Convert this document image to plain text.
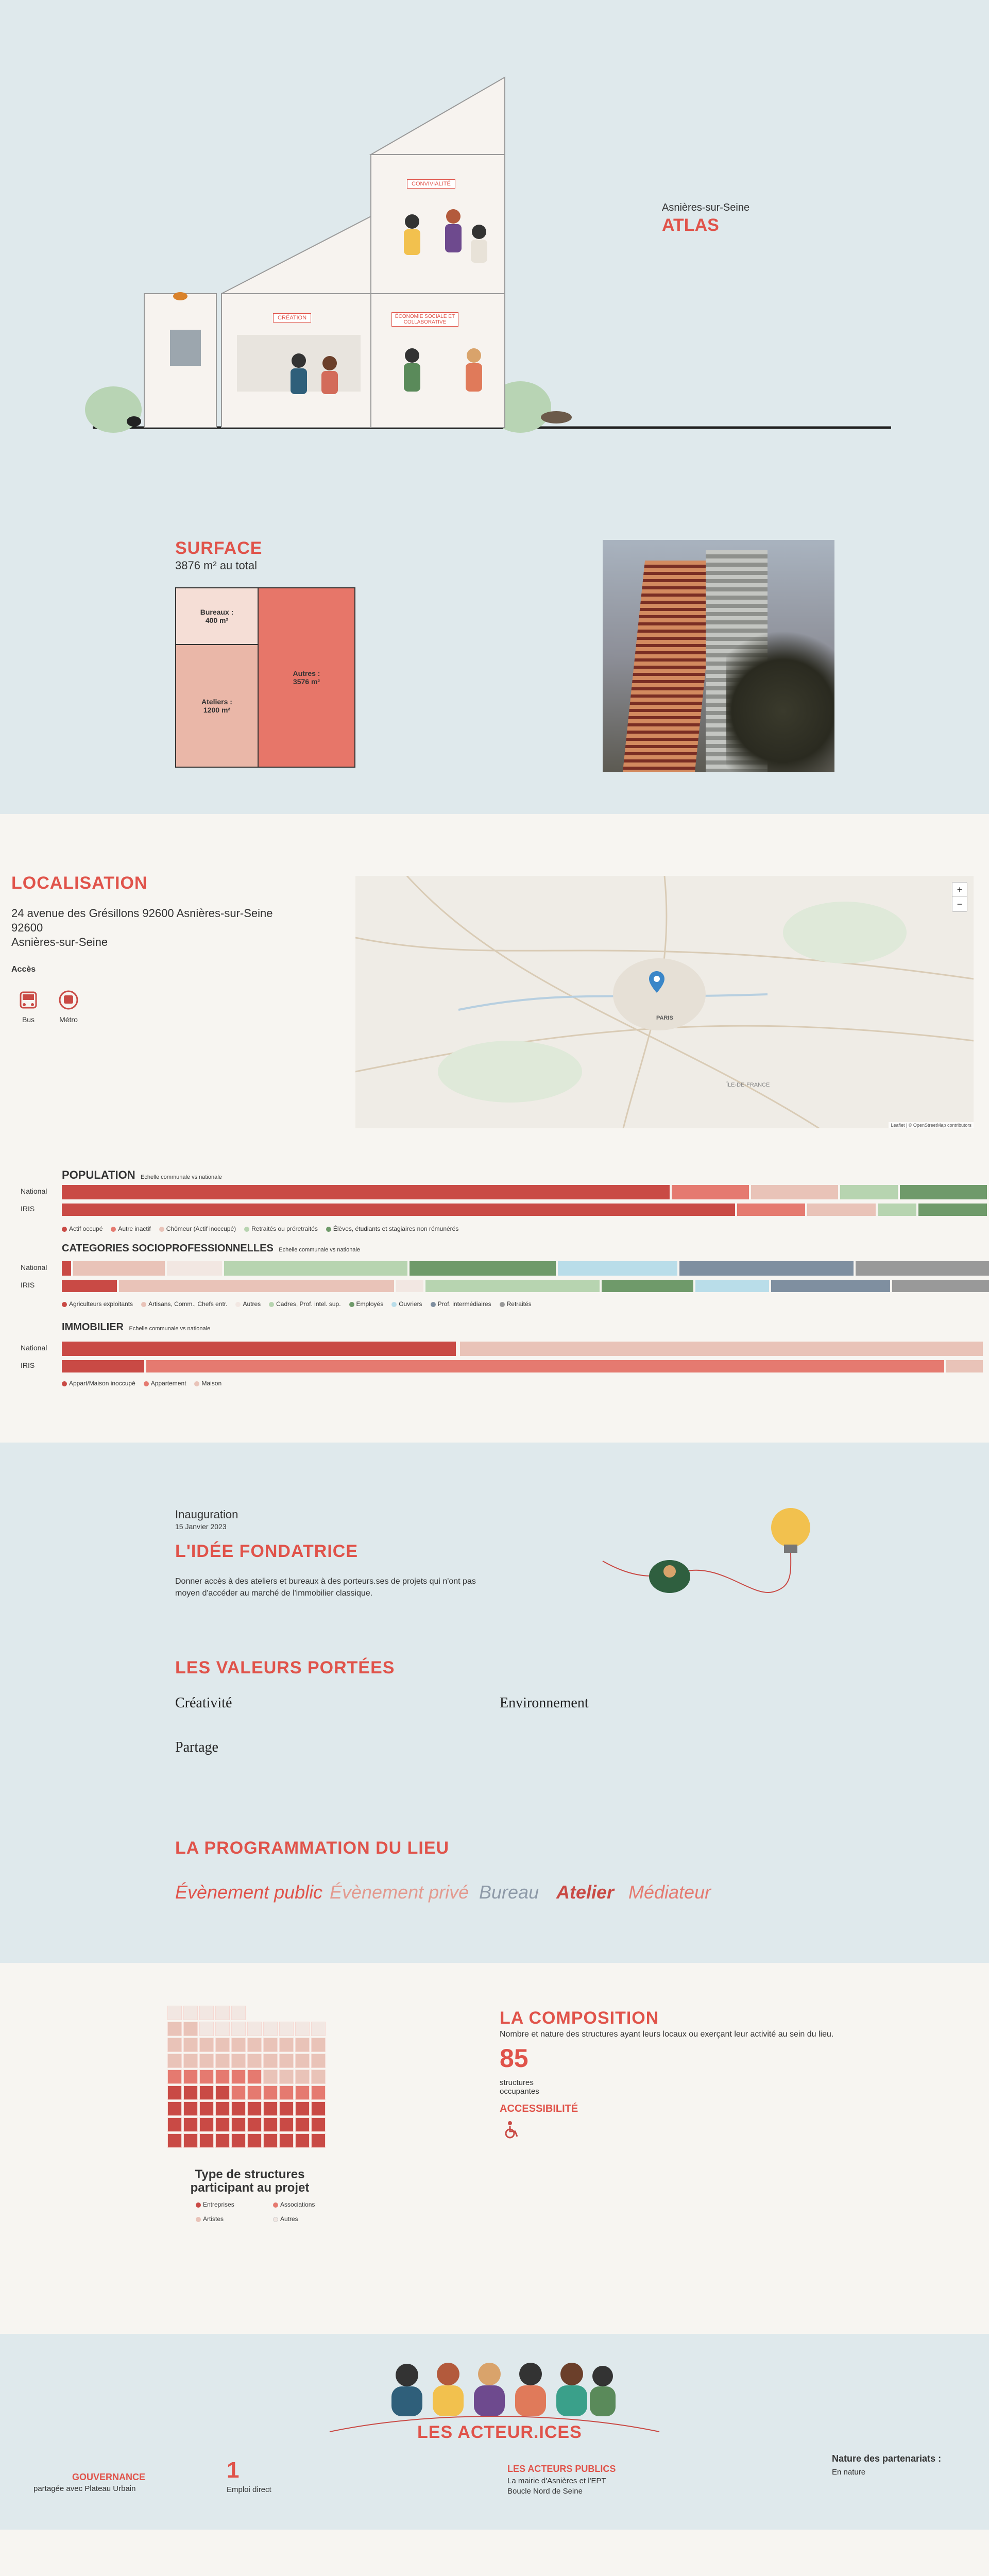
CONVIVIALITÉ
CRÉATION	ÉCONOMIE SOCIALE ET COLLABORATIVE
Asnières-sur-Seine
ATLAS
SURFACE
3876 m² au total
Bureaux :
400 m²
Ateliers :
1200 m²
Autres :
3576 m²
LOCALISATION
24 avenue des Grésillons 92600 Asnières-sur-Seine
92600
Asnières-sur-Seine
Accès
Bus	Métro	PARIS
ÎLE-DE-FRANCE
+
−
Leaflet | © OpenStreetMap contributors
POPULATION Echelle communale vs nationale
National
IRIS
Actif occupé	Autre inactif	Chômeur (Actif inoccupé)	Retraités ou préretraités	Élèves, étudiants et stagiaires non rémunérés
CATEGORIES SOCIOPROFESSIONNELLES Echelle communale vs nationale
National
IRIS
Agriculteurs exploitants	Artisans, Comm., Chefs entr.	Autres	Cadres, Prof. intel. sup.	Employés	Ouvriers	Prof. intermédiaires	Retraités
IMMOBILIER Echelle communale vs nationale
National
IRIS
Appart/Maison inoccupé	Appartement	Maison
Inauguration
15 Janvier 2023
L'IDÉE FONDATRICE
Donner accès à des ateliers et bureaux à des porteurs.ses de projets qui n'ont pas moyen d'accéder au marché de l'immobilier classique.
LES VALEURS PORTÉES
Créativité	Environnement
Partage
LA PROGRAMMATION DU LIEU
Évènement public Évènement privé Bureau Atelier Médiateur
Type de structures participant au projet
Entreprises	Associations
Artistes	Autres
LA COMPOSITION
Nombre et nature des structures ayant leurs locaux ou exerçant leur activité au sein du lieu.
85
structures occupantes
ACCESSIBILITÉ
LES ACTEUR.ICES
GOUVERNANCE
partagée avec Plateau Urbain
1
Emploi direct
LES ACTEURS PUBLICS
La mairie d'Asnières et l'EPT Boucle Nord de Seine
Nature des partenariats :
En nature
